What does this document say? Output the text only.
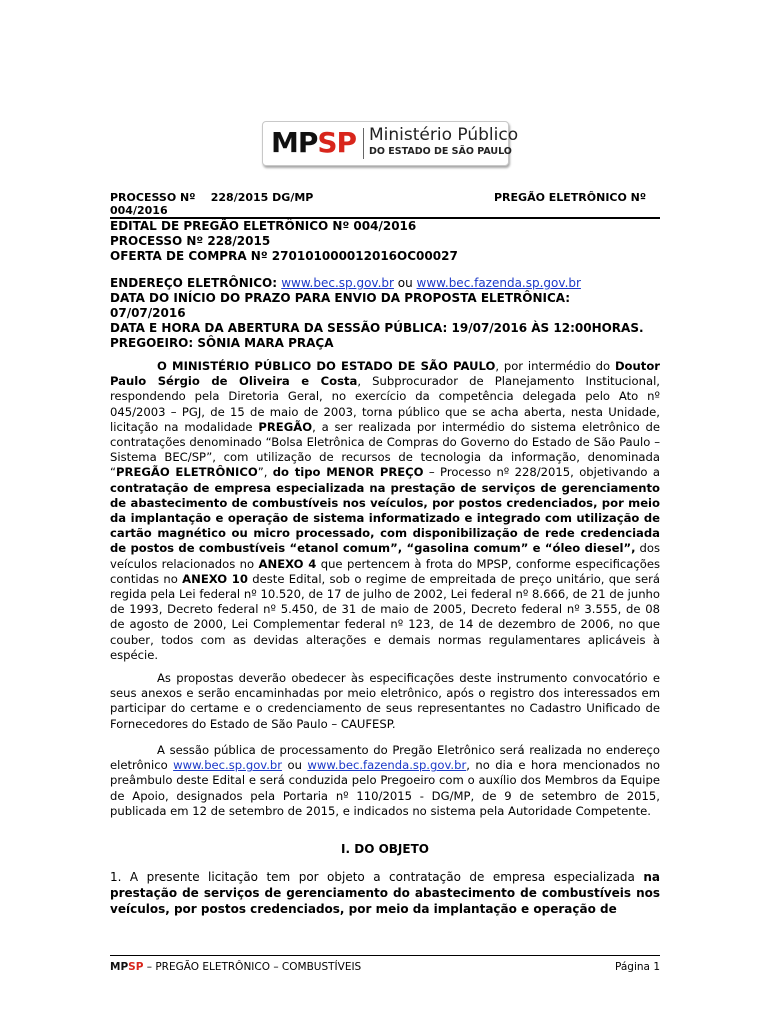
MPSP Ministério Público
DO ESTADO DE SÃO PAULO
PROCESSO Nº    228/2015 DG/MP	PREGÃO ELETRÔNICO Nº
004/2016
EDITAL DE PREGÃO ELETRÔNICO Nº 004/2016
PROCESSO Nº 228/2015
OFERTA DE COMPRA Nº 270101000012016OC00027
ENDEREÇO ELETRÔNICO: www.bec.sp.gov.br ou www.bec.fazenda.sp.gov.br
DATA DO INÍCIO DO PRAZO PARA ENVIO DA PROPOSTA ELETRÔNICA:
07/07/2016
DATA E HORA DA ABERTURA DA SESSÃO PÚBLICA: 19/07/2016 ÀS 12:00HORAS.
PREGOEIRO: SÔNIA MARA PRAÇA
O MINISTÉRIO PÚBLICO DO ESTADO DE SÃO PAULO, por intermédio do Doutor Paulo Sérgio de Oliveira e Costa, Subprocurador de Planejamento Institucional, respondendo pela Diretoria Geral, no exercício da competência delegada pelo Ato nº 045/2003 – PGJ, de 15 de maio de 2003, torna público que se acha aberta, nesta Unidade, licitação na modalidade PREGÃO, a ser realizada por intermédio do sistema eletrônico de contratações denominado “Bolsa Eletrônica de Compras do Governo do Estado de São Paulo – Sistema BEC/SP”, com utilização de recursos de tecnologia da informação, denominada “PREGÃO ELETRÔNICO”, do tipo MENOR PREÇO – Processo nº 228/2015, objetivando a contratação de empresa especializada na prestação de serviços de gerenciamento de abastecimento de combustíveis nos veículos, por postos credenciados, por meio da implantação e operação de sistema informatizado e integrado com utilização de cartão magnético ou micro processado, com disponibilização de rede credenciada de postos de combustíveis “etanol comum”, “gasolina comum” e “óleo diesel”, dos veículos relacionados no ANEXO 4 que pertencem à frota do MPSP, conforme especificações contidas no ANEXO 10 deste Edital, sob o regime de empreitada de preço unitário, que será regida pela Lei federal nº 10.520, de 17 de julho de 2002, Lei federal nº 8.666, de 21 de junho de 1993, Decreto federal nº 5.450, de 31 de maio de 2005, Decreto federal nº 3.555, de 08 de agosto de 2000, Lei Complementar federal nº 123, de 14 de dezembro de 2006, no que couber, todos com as devidas alterações e demais normas regulamentares aplicáveis à espécie.
As propostas deverão obedecer às especificações deste instrumento convocatório e seus anexos e serão encaminhadas por meio eletrônico, após o registro dos interessados em participar do certame e o credenciamento de seus representantes no Cadastro Unificado de Fornecedores do Estado de São Paulo – CAUFESP.
A sessão pública de processamento do Pregão Eletrônico será realizada no endereço eletrônico www.bec.sp.gov.br ou www.bec.fazenda.sp.gov.br, no dia e hora mencionados no preâmbulo deste Edital e será conduzida pelo Pregoeiro com o auxílio dos Membros da Equipe de Apoio, designados pela Portaria nº 110/2015 - DG/MP, de 9 de setembro de 2015, publicada em 12 de setembro de 2015, e indicados no sistema pela Autoridade Competente.
I. DO OBJETO
1. A presente licitação tem por objeto a contratação de empresa especializada na prestação de serviços de gerenciamento do abastecimento de combustíveis nos veículos, por postos credenciados, por meio da implantação e operação de
MPSP – PREGÃO ELETRÔNICO – COMBUSTÍVEIS	Página 1
